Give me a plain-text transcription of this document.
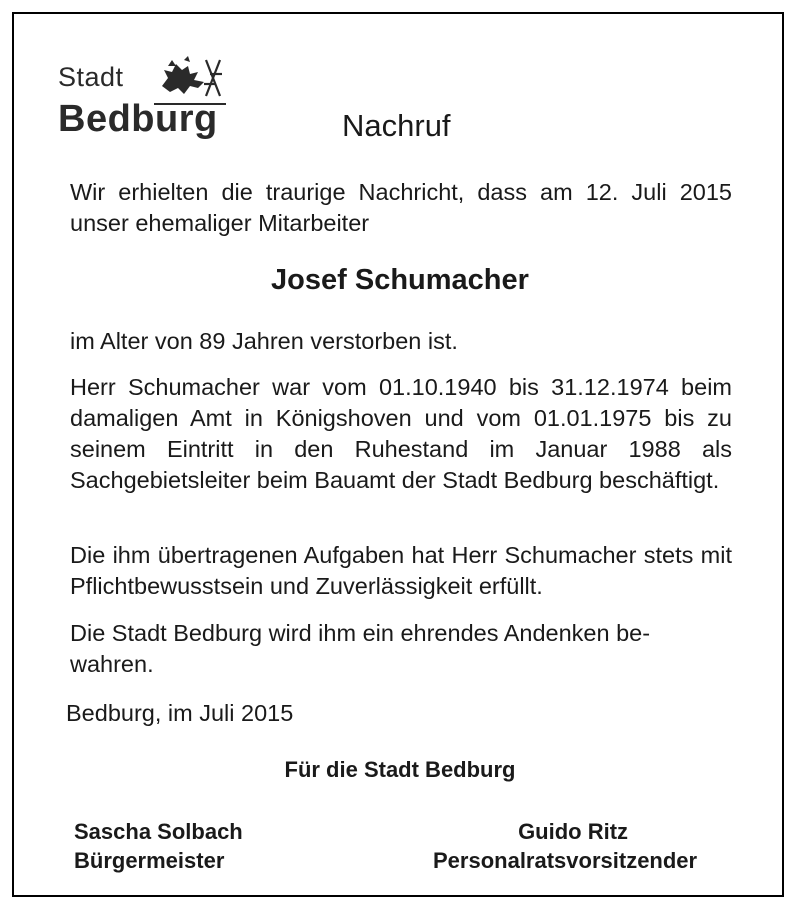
Stadt
Bedburg	Nachruf

Wir erhielten die traurige Nachricht, dass am 12. Juli 2015 unser ehemaliger Mitarbeiter

Josef Schumacher

im Alter von 89 Jahren verstorben ist.

Herr Schumacher war vom 01.10.1940 bis 31.12.1974 beim damaligen Amt in Königshoven und vom 01.01.1975 bis zu seinem Eintritt in den Ruhestand im Januar 1988 als Sachgebietsleiter beim Bauamt der Stadt Bedburg beschäftigt.

Die ihm übertragenen Aufgaben hat Herr Schumacher stets mit Pflichtbewusstsein und Zuverlässigkeit erfüllt.

Die Stadt Bedburg wird ihm ein ehrendes Andenken be-
wahren.

Bedburg, im Juli 2015
Für die Stadt Bedburg
Sascha Solbach
Bürgermeister
Guido Ritz
Personalratsvorsitzender
